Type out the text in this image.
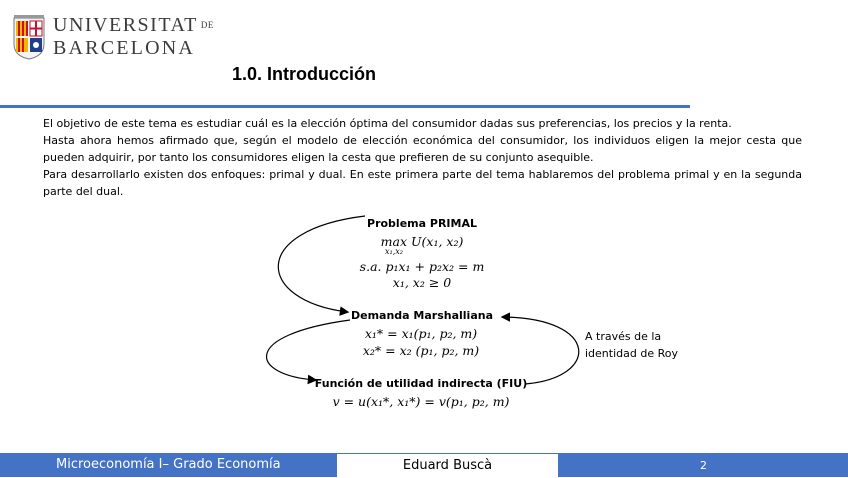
UNIVERSITAT DE
BARCELONA
1.0. Introducción

El objetivo de este tema es estudiar cuál es la elección óptima del consumidor dadas sus preferencias, los precios y la renta.

Hasta ahora hemos afirmado que, según el modelo de elección económica del consumidor, los individuos eligen la mejor cesta que pueden adquirir, por tanto los consumidores eligen la cesta que prefieren de su conjunto asequible.

Para desarrollarlo existen dos enfoques: primal y dual. En este primera parte del tema hablaremos del problema primal y en la segunda parte del dual.

Problema PRIMAL
max U(x₁, x₂)
x₁,x₂
s.a. p₁x₁ + p₂x₂ = m
x₁, x₂ ≥ 0
Demanda Marshalliana
x₁* = x₁(p₁, p₂, m)
x₂* = x₂ (p₁, p₂, m)
Función de utilidad indirecta (FIU)
v = u(x₁*, x₁*) = v(p₁, p₂, m)
A través de la
identidad de Roy
Microeconomía I– Grado Economía	Eduard Buscà	2
